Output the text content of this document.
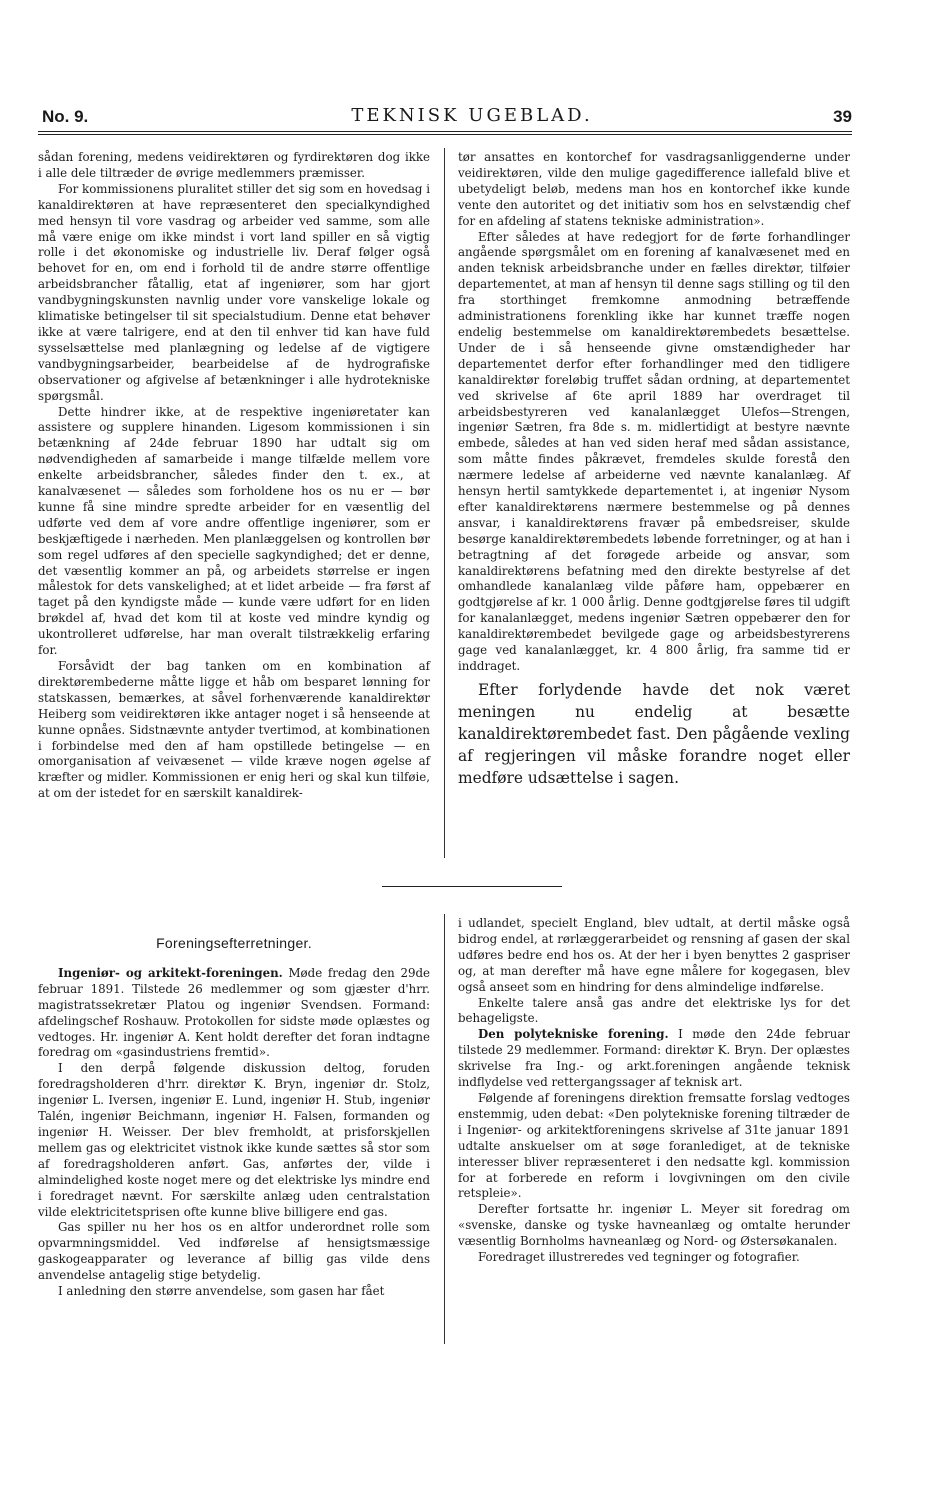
No. 9.	TEKNISK UGEBLAD.	39

sådan forening, medens veidirektøren og fyrdirektøren dog ikke i alle dele tiltræder de øvrige medlemmers præmisser.

For kommissionens pluralitet stiller det sig som en hovedsag i kanaldirektøren at have repræsenteret den specialkyndighed med hensyn til vore vasdrag og arbeider ved samme, som alle må være enige om ikke mindst i vort land spiller en så vigtig rolle i det økonomiske og industrielle liv. Deraf følger også behovet for en, om end i forhold til de andre større offentlige arbeidsbrancher fåtallig, etat af ingeniører, som har gjort vandbygningskunsten navnlig under vore vanskelige lokale og klimatiske betingelser til sit specialstudium. Denne etat behøver ikke at være talrigere, end at den til enhver tid kan have fuld sysselsættelse med planlægning og ledelse af de vigtigere vandbygningsarbeider, bearbeidelse af de hydrografiske observationer og afgivelse af betænkninger i alle hydrotekniske spørgsmål.

Dette hindrer ikke, at de respektive ingeniøretater kan assistere og supplere hinanden. Ligesom kommissionen i sin betænkning af 24de februar 1890 har udtalt sig om nødvendigheden af samarbeide i mange tilfælde mellem vore enkelte arbeidsbrancher, således finder den t. ex., at kanalvæsenet — således som forholdene hos os nu er — bør kunne få sine mindre spredte arbeider for en væsentlig del udførte ved dem af vore andre offentlige ingeniører, som er beskjæftigede i nærheden. Men planlæggelsen og kontrollen bør som regel udføres af den specielle sagkyndighed; det er denne, det væsentlig kommer an på, og arbeidets størrelse er ingen målestok for dets vanskelighed; at et lidet arbeide — fra først af taget på den kyndigste måde — kunde være udført for en liden brøkdel af, hvad det kom til at koste ved mindre kyndig og ukontrolleret udførelse, har man overalt tilstrækkelig erfaring for.

Forsåvidt der bag tanken om en kombination af direktørembederne måtte ligge et håb om besparet lønning for statskassen, bemærkes, at såvel forhenværende kanaldirektør Heiberg som veidirektøren ikke antager noget i så henseende at kunne opnåes. Sidstnævnte antyder tvertimod, at kombinationen i forbindelse med den af ham opstillede betingelse — en omorganisation af veivæsenet — vilde kræve nogen øgelse af kræfter og midler. Kommissionen er enig heri og skal kun tilføie, at om der istedet for en særskilt kanaldirek-

tør ansattes en kontorchef for vasdragsanliggenderne under veidirektøren, vilde den mulige gagedifference iallefald blive et ubetydeligt beløb, medens man hos en kontorchef ikke kunde vente den autoritet og det initiativ som hos en selvstændig chef for en afdeling af statens tekniske administration».

Efter således at have redegjort for de førte forhandlinger angående spørgsmålet om en forening af kanalvæsenet med en anden teknisk arbeidsbranche under en fælles direktør, tilføier departementet, at man af hensyn til denne sags stilling og til den fra storthinget fremkomne anmodning betræffende administrationens forenkling ikke har kunnet træffe nogen endelig bestemmelse om kanaldirektørembedets besættelse. Under de i så henseende givne omstændigheder har departementet derfor efter forhandlinger med den tidligere kanaldirektør foreløbig truffet sådan ordning, at departementet ved skrivelse af 6te april 1889 har overdraget til arbeidsbestyreren ved kanalanlægget Ulefos—Strengen, ingeniør Sætren, fra 8de s. m. midlertidigt at bestyre nævnte embede, således at han ved siden heraf med sådan assistance, som måtte findes påkrævet, fremdeles skulde forestå den nærmere ledelse af arbeiderne ved nævnte kanalanlæg. Af hensyn hertil samtykkede departementet i, at ingeniør Nysom efter kanaldirektørens nærmere bestemmelse og på dennes ansvar, i kanaldirektørens fravær på embedsreiser, skulde besørge kanaldirektørembedets løbende forretninger, og at han i betragtning af det forøgede arbeide og ansvar, som kanaldirektørens befatning med den direkte bestyrelse af det omhandlede kanalanlæg vilde påføre ham, oppebærer en godtgjørelse af kr. 1 000 årlig. Denne godtgjørelse føres til udgift for kanalanlægget, medens ingeniør Sætren oppebærer den for kanaldirektørembedet bevilgede gage og arbeidsbestyrerens gage ved kanalanlægget, kr. 4 800 årlig, fra samme tid er inddraget.

Efter forlydende havde det nok været meningen nu endelig at besætte kanaldirektørembedet fast. Den pågående vexling af regjeringen vil måske forandre noget eller medføre udsættelse i sagen.

Foreningsefterretninger.

Ingeniør- og arkitekt-foreningen. Møde fredag den 29de februar 1891. Tilstede 26 medlemmer og som gjæster d'hrr. magistratssekretær Platou og ingeniør Svendsen. Formand: afdelingschef Roshauw. Protokollen for sidste møde oplæstes og vedtoges. Hr. ingeniør A. Kent holdt derefter det foran indtagne foredrag om «gasindustriens fremtid».

I den derpå følgende diskussion deltog, foruden foredragsholderen d'hrr. direktør K. Bryn, ingeniør dr. Stolz, ingeniør L. Iversen, ingeniør E. Lund, ingeniør H. Stub, ingeniør Talén, ingeniør Beichmann, ingeniør H. Falsen, formanden og ingeniør H. Weisser. Der blev fremholdt, at prisforskjellen mellem gas og elektricitet vistnok ikke kunde sættes så stor som af foredragsholderen anført. Gas, anførtes der, vilde i almindelighed koste noget mere og det elektriske lys mindre end i foredraget nævnt. For særskilte anlæg uden centralstation vilde elektricitetsprisen ofte kunne blive billigere end gas.

Gas spiller nu her hos os en altfor underordnet rolle som opvarmningsmiddel. Ved indførelse af hensigtsmæssige gaskogeapparater og leverance af billig gas vilde dens anvendelse antagelig stige betydelig.

I anledning den større anvendelse, som gasen har fået

i udlandet, specielt England, blev udtalt, at dertil måske også bidrog endel, at rørlæggerarbeidet og rensning af gasen der skal udføres bedre end hos os. At der her i byen benyttes 2 gaspriser og, at man derefter må have egne målere for kogegasen, blev også anseet som en hindring for dens almindelige indførelse.

Enkelte talere anså gas andre det elektriske lys for det behageligste.

Den polytekniske forening. I møde den 24de februar tilstede 29 medlemmer. Formand: direktør K. Bryn. Der oplæstes skrivelse fra Ing.- og arkt.foreningen angående teknisk indflydelse ved rettergangssager af teknisk art.

Følgende af foreningens direktion fremsatte forslag vedtoges enstemmig, uden debat: «Den polytekniske forening tiltræder de i Ingeniør- og arkitektforeningens skrivelse af 31te januar 1891 udtalte anskuelser om at søge foranlediget, at de tekniske interesser bliver repræsenteret i den nedsatte kgl. kommission for at forberede en reform i lovgivningen om den civile retspleie».

Derefter fortsatte hr. ingeniør L. Meyer sit foredrag om «svenske, danske og tyske havneanlæg og omtalte herunder væsentlig Bornholms havneanlæg og Nord- og Østersøkanalen.

Foredraget illustreredes ved tegninger og fotografier.
